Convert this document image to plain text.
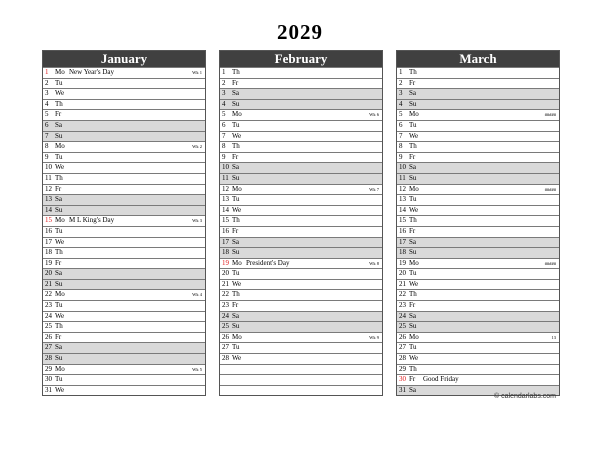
2029
January
1 Mo New Year's Day	Wk 1
2 Tu
3 We
4 Th
5 Fr
6 Sa
7 Su
8 Mo	Wk 2
9 Tu
10 We
11 Th
12 Fr
13 Sa
14 Su
15 Mo M L King's Day	Wk 3
16 Tu
17 We
18 Th
19 Fr
20 Sa
21 Su
22 Mo	Wk 4
23 Tu
24 We
25 Th
26 Fr
27 Sa
28 Su
29 Mo	Wk 5
30 Tu
31 We
February
1 Th
2 Fr
3 Sa
4 Su
5 Mo	Wk 6
6 Tu
7 We
8 Th
9 Fr
10 Sa
11 Su
12 Mo	Wk 7
13 Tu
14 We
15 Th
16 Fr
17 Sa
18 Su
19 Mo President's Day	Wk 8
20 Tu
21 We
22 Th
23 Fr
24 Sa
25 Su
26 Mo	Wk 9
27 Tu
28 We
March
1 Th
2 Fr
3 Sa
4 Su
5 Mo	#####
6 Tu
7 We
8 Th
9 Fr
10 Sa
11 Su
12 Mo	#####
13 Tu
14 We
15 Th
16 Fr
17 Sa
18 Su
19 Mo	#####
20 Tu
21 We
22 Th
23 Fr
24 Sa
25 Su
26 Mo	13
27 Tu
28 We
29 Th
30 Fr Good Friday
31 Sa
© calendarlabs.com
